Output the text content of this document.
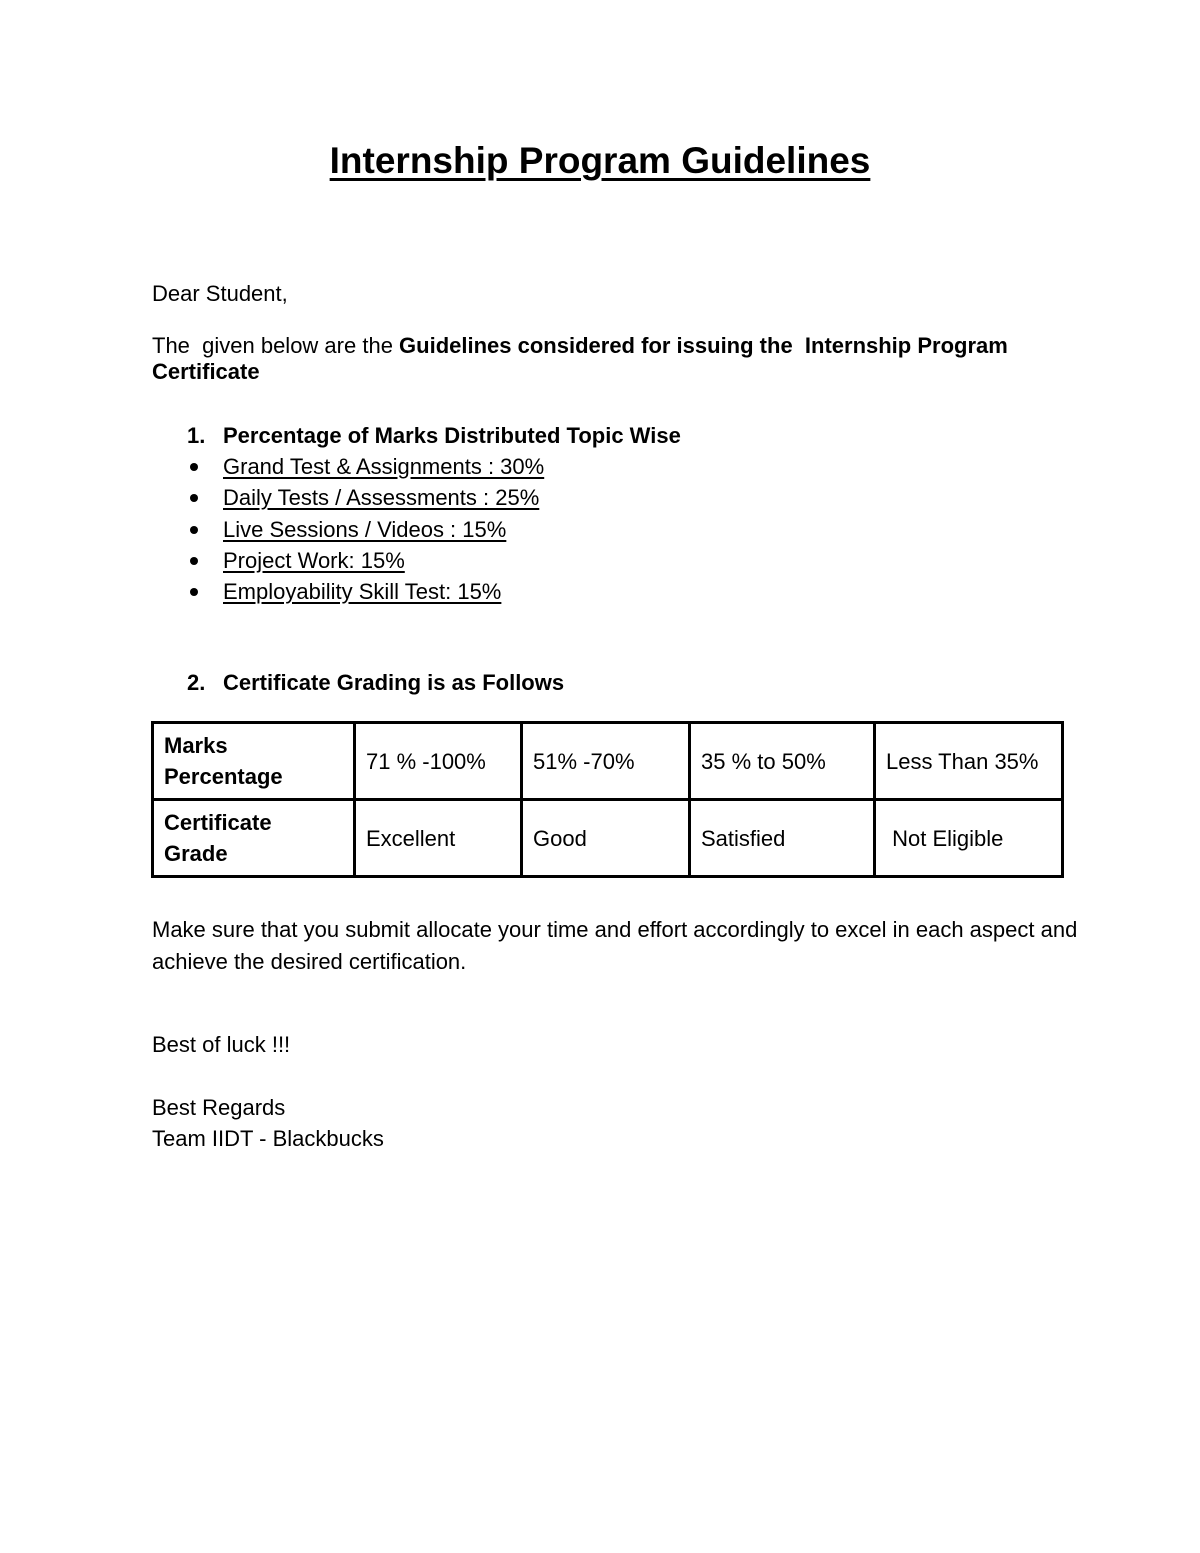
Internship Program Guidelines

Dear Student,

The  given below are the Guidelines considered for issuing the  Internship Program

Certificate

1. Percentage of Marks Distributed Topic Wise
Grand Test & Assignments : 30%
Daily Tests / Assessments : 25%
Live Sessions / Videos : 15%
Project Work: 15%
Employability Skill Test: 15%
2. Certificate Grading is as Follows
Marks
Percentage	71 % -100%	51% -70%	35 % to 50%	Less Than 35%
Certificate
Grade	Excellent	Good	Satisfied	Not Eligible

Make sure that you submit allocate your time and effort accordingly to excel in each aspect and achieve the desired certification.

Best of luck !!!

Best Regards

Team IIDT - Blackbucks
